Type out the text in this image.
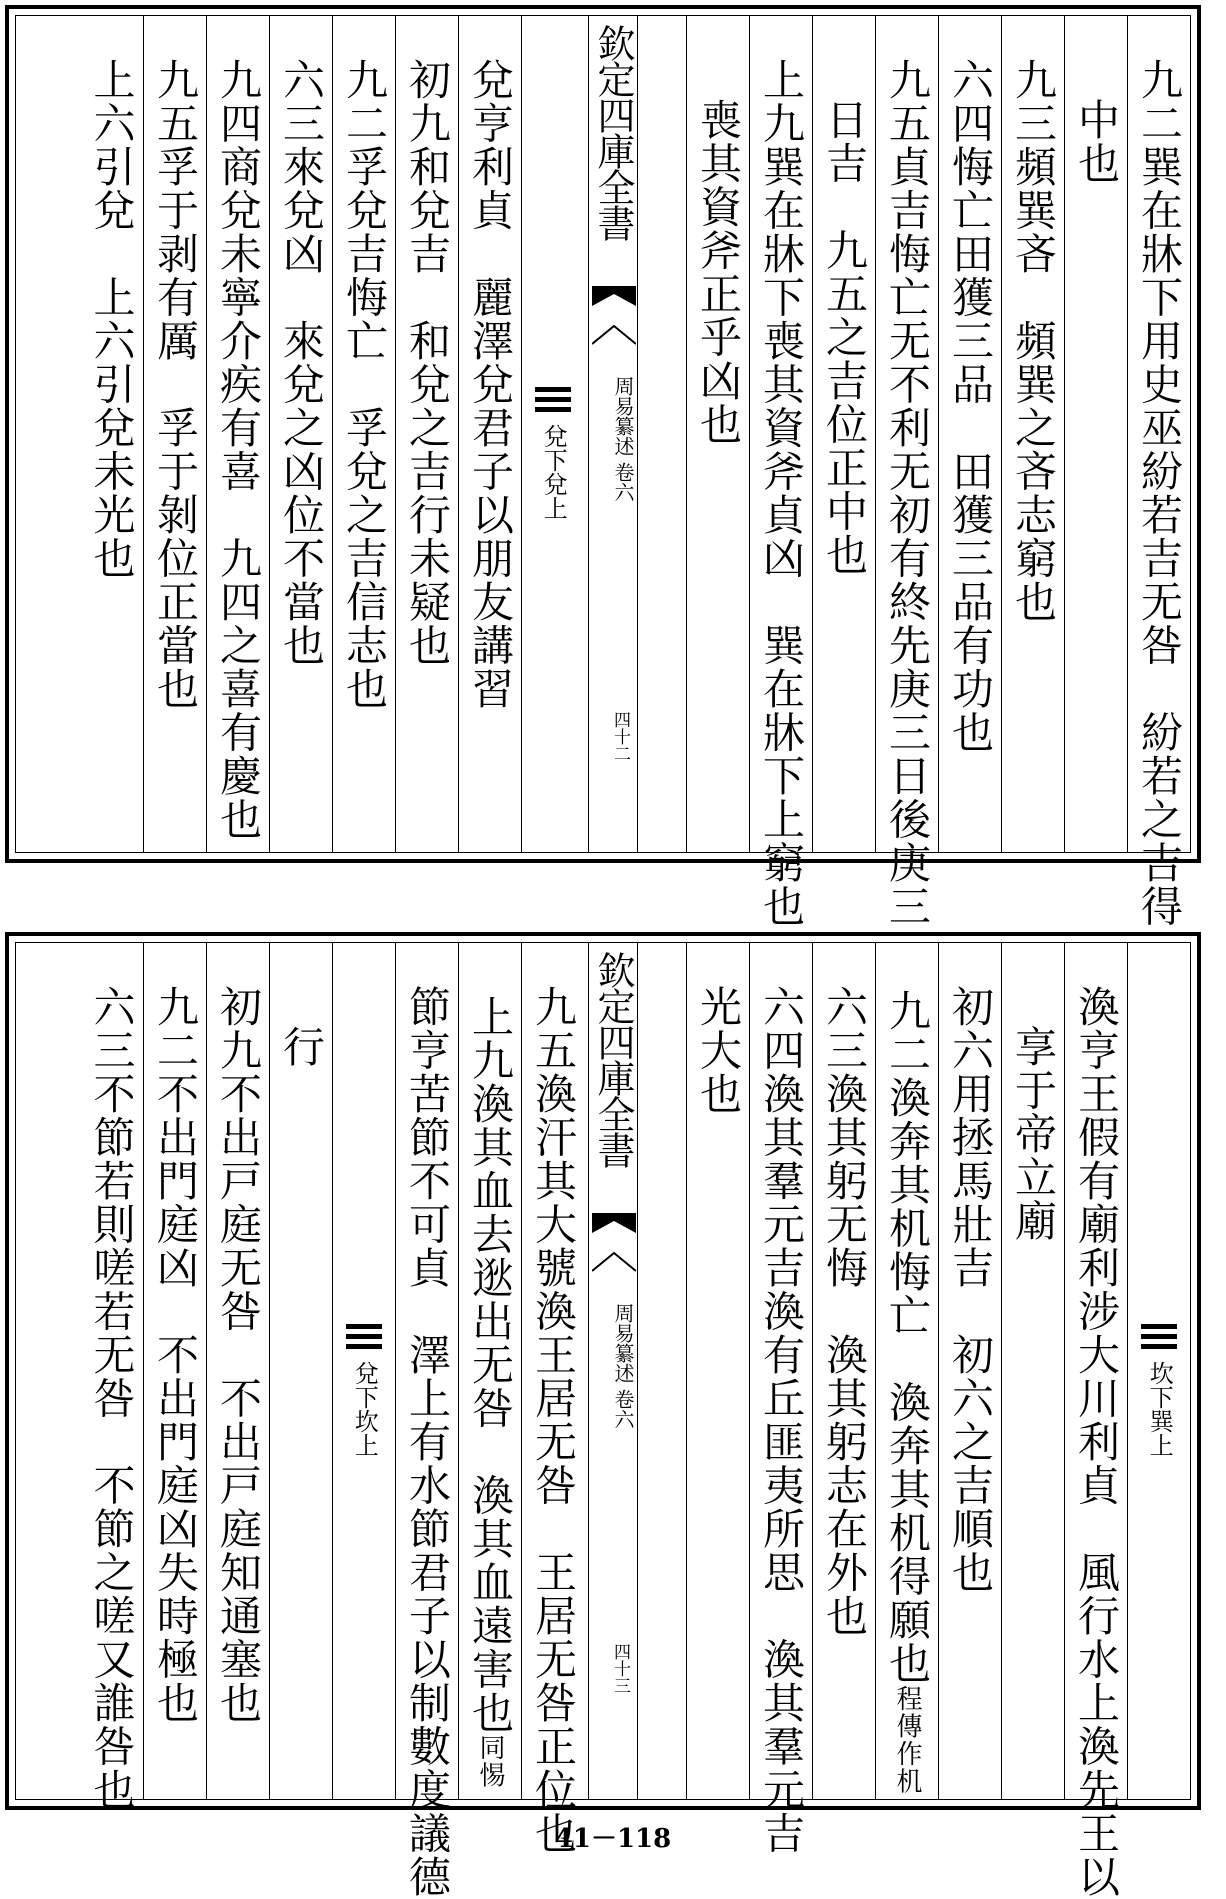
九二巽在牀下用史巫紛若吉无咎　紛若之吉得
中也
九三頻巽吝　頻巽之吝志窮也
六四悔亡田獲三品　田獲三品有功也
九五貞吉悔亡无不利无初有終先庚三日後庚三
日吉　九五之吉位正中也
上九巽在牀下喪其資斧貞凶　巽在牀下上窮也
喪其資斧正乎凶也
欽定四庫全書
周易纂述 卷六
四十二
兌下兌上
兌亨利貞　麗澤兌君子以朋友講習
初九和兌吉　和兌之吉行未疑也
九二孚兌吉悔亡　孚兌之吉信志也
六三來兌凶　來兌之凶位不當也
九四商兌未寧介疾有喜　九四之喜有慶也
九五孚于剥有厲　孚于剝位正當也
上六引兌　上六引兌未光也
坎下巽上
渙亨王假有廟利涉大川利貞　風行水上渙先王以
享于帝立廟
初六用拯馬壯吉　初六之吉順也
九二渙奔其机悔亡　渙奔其机得願也
程傳作机
六三渙其躬无悔　渙其躬志在外也
六四渙其羣元吉渙有丘匪夷所思　渙其羣元吉
光大也
欽定四庫全書
周易纂述 卷六
四十三
九五渙汗其大號渙王居无咎　王居无咎正位也
上九渙其血去逖出无咎　渙其血遠害也
同惕
節亨苦節不可貞　澤上有水節君子以制數度議德
兌下坎上
行
初九不出戸庭无咎　不出戸庭知通塞也
九二不出門庭凶　不出門庭凶失時極也
六三不節若則嗟若无咎　不節之嗟又誰咎也
41－118
